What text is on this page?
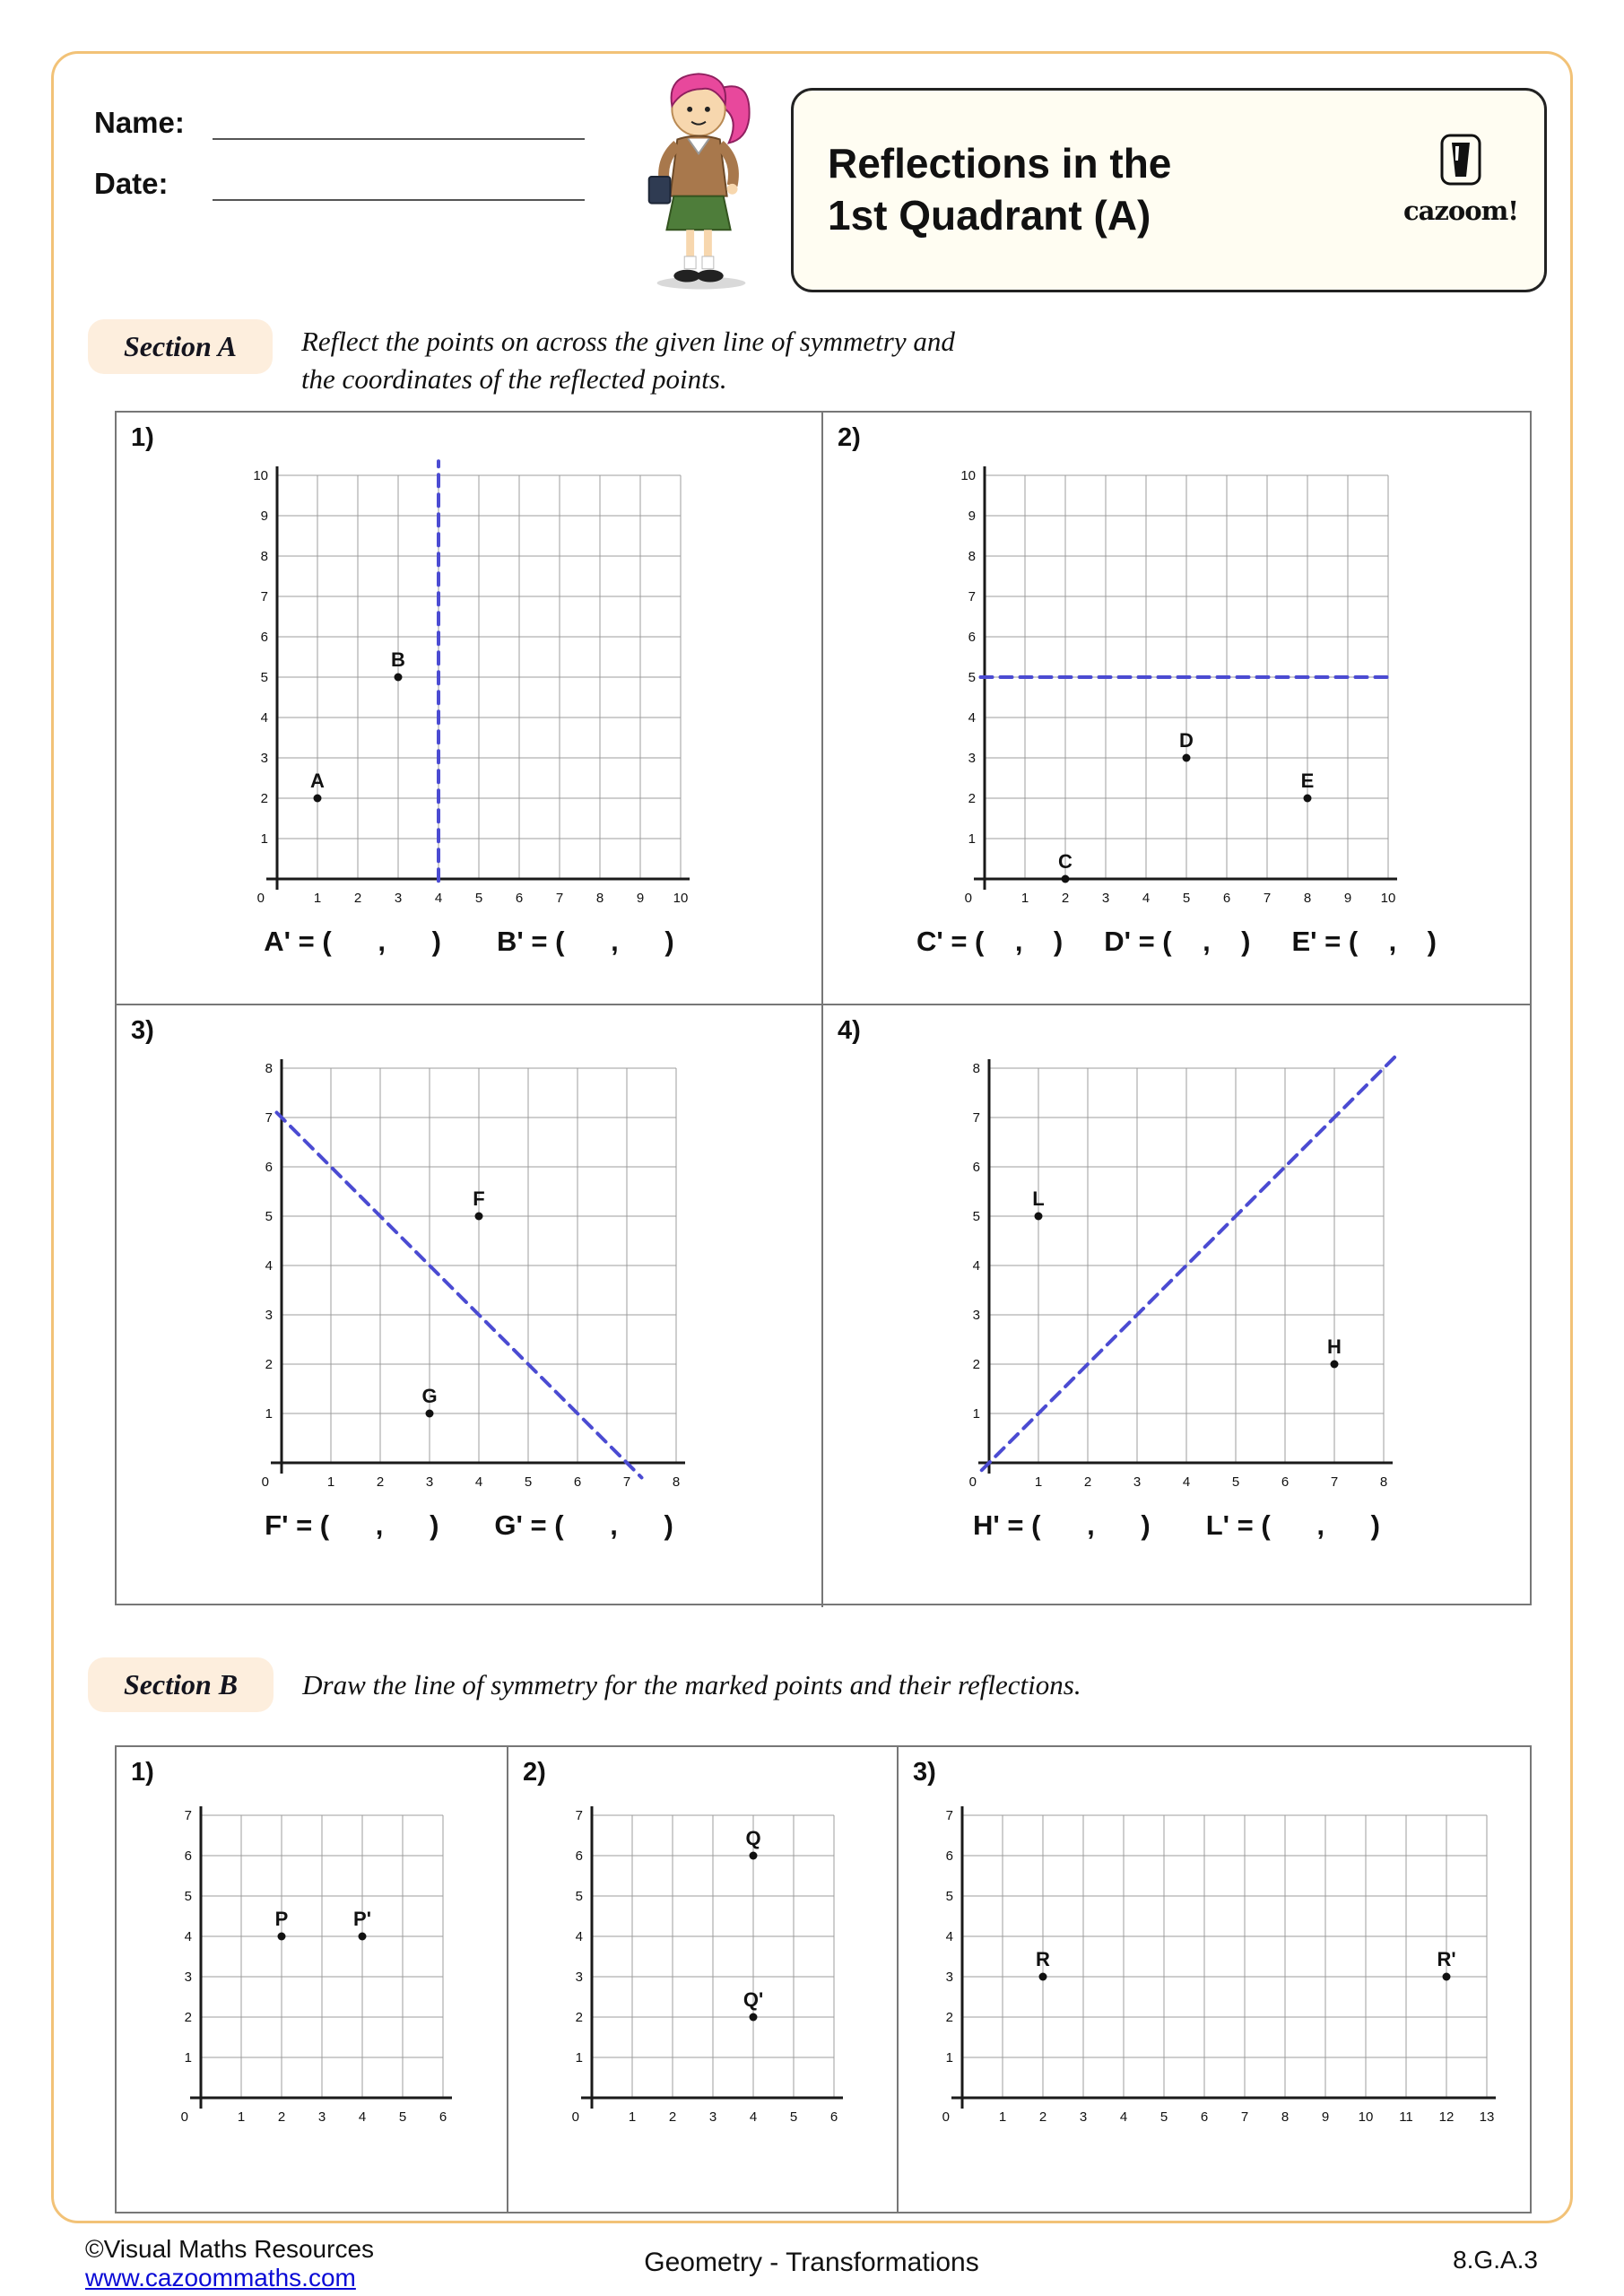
Name:
Date:	Reflections in the
1st Quadrant (A)	cazoom!
Section A	Reflect the points on across the given line of symmetry and
the coordinates of the reflected points.
1)
0	1 2 3 4 5 6 7 8 9 10
1
2
3
4
5
6
7
8
9
10
A
B
A' = (      ,      ) B' = (      ,      )
2)
0	1 2 3 4 5 6 7 8 9 10
1
2
3
4
5
6
7
8
9
10
C
D
E
C' = (    ,    ) D' = (    ,    ) E' = (    ,    )
3)
0	1	2	3	4	5	6	7	8
1
2
3
4
5
6
7
8
F
G
F' = (      ,      ) G' = (      ,      )
4)
0	1	2	3	4	5	6	7	8
1
2
3
4
5
6
7
8
L
H
H' = (      ,      ) L' = (      ,      )
Section B	Draw the line of symmetry for the marked points and their reflections.
1)
0	1 2 3 4 5 6
1
2
3
4
5
6
7
P	P'
2)
0	1 2 3 4 5 6
1
2
3
4
5
6
7
Q
Q'
3)
0	1 2 3 4 5 6 7 8 9 10 11 12 13
1
2
3
4
5
6
7
R	R'
©Visual Maths Resources
www.cazoommaths.com
Geometry - Transformations	8.G.A.3
